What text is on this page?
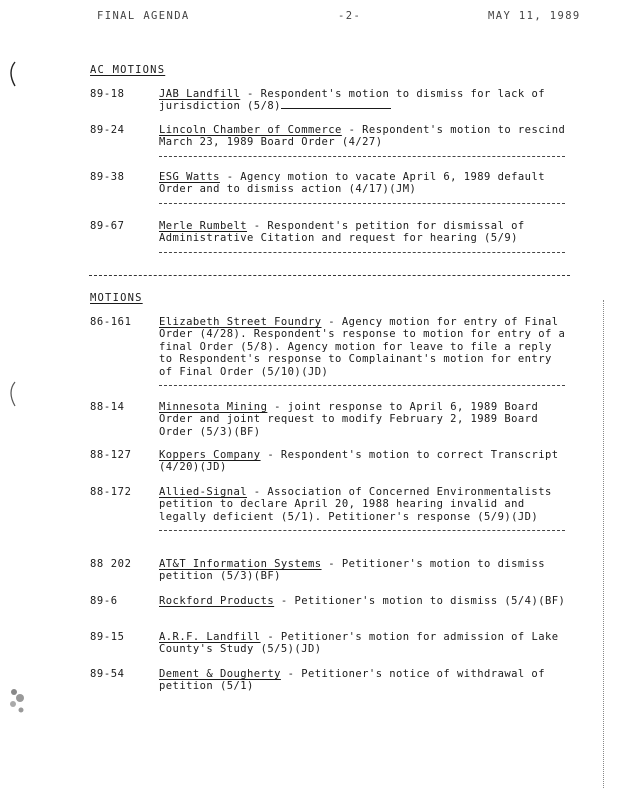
FINAL AGENDA	-2-	MAY 11, 1989
AC MOTIONS
89-18	JAB Landfill - Respondent's motion to dismiss for lack of jurisdiction (5/8)
89-24	Lincoln Chamber of Commerce - Respondent's motion to rescind March 23, 1989 Board Order (4/27)
89-38	ESG Watts - Agency motion to vacate April 6, 1989 default Order and to dismiss action (4/17)(JM)
89-67	Merle Rumbelt - Respondent's petition for dismissal of Administrative Citation and request for hearing (5/9)
MOTIONS
86-161	Elizabeth Street Foundry - Agency motion for entry of Final Order (4/28). Respondent's response to motion for entry of a final Order (5/8). Agency motion for leave to file a reply to Respondent's response to Complainant's motion for entry of Final Order (5/10)(JD)
88-14	Minnesota Mining - joint response to April 6, 1989 Board Order and joint request to modify February 2, 1989 Board Order (5/3)(BF)
88-127	Koppers Company - Respondent's motion to correct Transcript (4/20)(JD)
88-172	Allied-Signal - Association of Concerned Environmentalists petition to declare April 20, 1988 hearing invalid and legally deficient (5/1). Petitioner's response (5/9)(JD)
88 202	AT&T Information Systems - Petitioner's motion to dismiss petition (5/3)(BF)
89-6	Rockford Products - Petitioner's motion to dismiss (5/4)(BF)
89-15	A.R.F. Landfill - Petitioner's motion for admission of Lake County's Study (5/5)(JD)
89-54	Dement & Dougherty - Petitioner's notice of withdrawal of petition (5/1)
